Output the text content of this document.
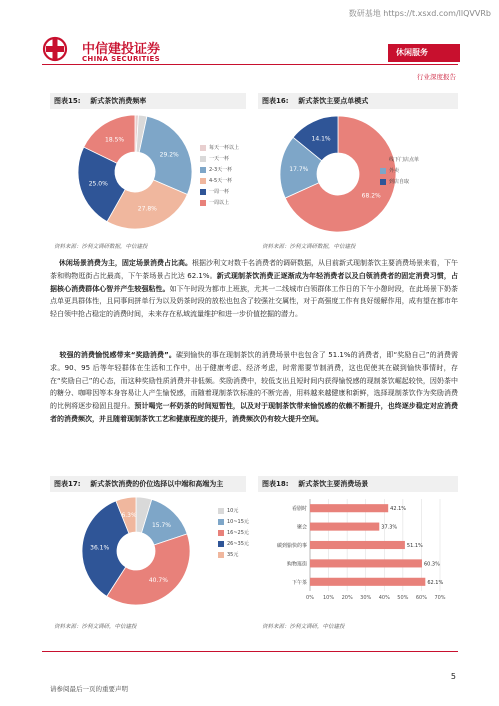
数研基地 https://t.xsxd.com/llQVVRb
中信建投证券
CHINA SECURITIES
休闲服务
行业深度报告
图表15: 新式茶饮消费频率
29.2%
27.8%
25.0%
18.5%
每天一杯以上
一天一杯
2-3天一杯
4-5天一杯
一周一杯
一周以上
资料来源：沙利文调研数据，中信建投
图表16: 新式茶饮主要点单模式
68.2%
17.7%
14.1%
线下门店点单
外卖
到店自取
资料来源：沙利文调研数据，中信建投
休闲场景消费为主，固定场景消费占比高。根据沙利文对数千名消费者的调研数据，从目前新式现制茶饮主要消费场景来看，下午茶和购物逛街占比最高，下午茶场景占比达 62.1%。新式现制茶饮消费正逐渐成为年轻消费者以及白领消费者的固定消费习惯，占据核心消费群体心智并产生较强粘性。如下午时段为都市上班族，尤其一二线城市白领群体工作日的下午小憩时段，在此场景下奶茶点单更具群体性，且同事间拼单行为以及奶茶时段的放松也包含了较强社交属性，对于高强度工作有良好缓解作用，成有望在都市年轻白领中抢占稳定的消费时间，未来存在私域流量维护和进一步价值挖掘的潜力。
较强的消费愉悦感带来“奖励消费”。碳到愉快的事在现制茶饮的消费场景中也包含了 51.1%的消费者，即“奖励自己”的消费需求。90、95 后等年轻群体在生活和工作中，出于健康考虑、经济考虑，时常需要节制消费，这也促使其在碳到愉快事情时，存在“奖励自己”的心态，而这种奖励性质消费并非低频。奖励消费中，较低支出且短时间内获得愉悦感的现制茶饮崛起较快，因奶茶中的糖分、咖啡因等本身容易让人产生愉悦感，而随着现制茶饮标准的不断完善，用料越来越健康和新鲜，选择现制茶饮作为奖励消费的比例将逐步稳固且提升。预计喝完一杯奶茶的时间短暂性，以及对于现制茶饮带来愉悦感的依赖不断提升，也终逐步稳定对应消费者的消费频次，并且随着现制茶饮工艺和健康程度的提升，消费频次仍有较大提升空间。
图表17: 新式茶饮消费的价位选择以中端和高端为主
15.7%
40.7%
36.1%
6.3%
10元
10~15元
16~25元
26~35元
35元
资料来源：沙利文调研，中信建投
图表18: 新式茶饮主要消费场景
0% 10% 20% 30% 40% 50% 60% 70%
看剧时	42.1%
聚会	37.3%
碳到愉快的事	51.1%
购物逛街	60.3%
下午茶	62.1%
资料来源：沙利文调研，中信建投
5
请参阅最后一页的重要声明
